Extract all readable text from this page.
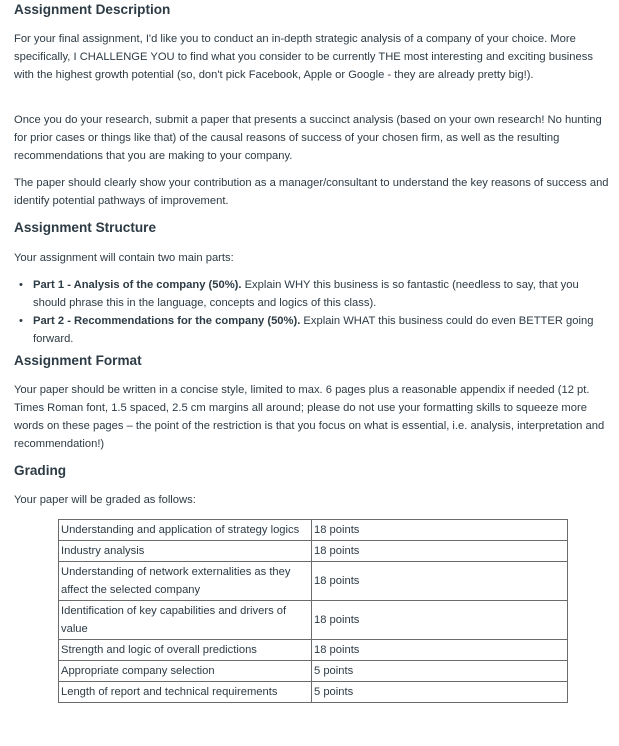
Assignment Description

For your final assignment, I'd like you to conduct an in-depth strategic analysis of a company of your choice. More specifically, I CHALLENGE YOU to find what you consider to be currently THE most interesting and exciting business with the highest growth potential (so, don't pick Facebook, Apple or Google - they are already pretty big!).

Once you do your research, submit a paper that presents a succinct analysis (based on your own research! No hunting for prior cases or things like that) of the causal reasons of success of your chosen firm, as well as the resulting recommendations that you are making to your company.

The paper should clearly show your contribution as a manager/consultant to understand the key reasons of success and identify potential pathways of improvement.

Assignment Structure

Your assignment will contain two main parts:

• Part 1 - Analysis of the company (50%). Explain WHY this business is so fantastic (needless to say, that you should phrase this in the language, concepts and logics of this class).
• Part 2 - Recommendations for the company (50%). Explain WHAT this business could do even BETTER going forward.
Assignment Format

Your paper should be written in a concise style, limited to max. 6 pages plus a reasonable appendix if needed (12 pt. Times Roman font, 1.5 spaced, 2.5 cm margins all around; please do not use your formatting skills to squeeze more words on these pages – the point of the restriction is that you focus on what is essential, i.e. analysis, interpretation and recommendation!)

Grading

Your paper will be graded as follows:

Understanding and application of strategy logics	18 points
Industry analysis	18 points
Understanding of network externalities as they affect the selected company	18 points
Identification of key capabilities and drivers of value	18 points
Strength and logic of overall predictions	18 points
Appropriate company selection	5 points
Length of report and technical requirements	5 points
